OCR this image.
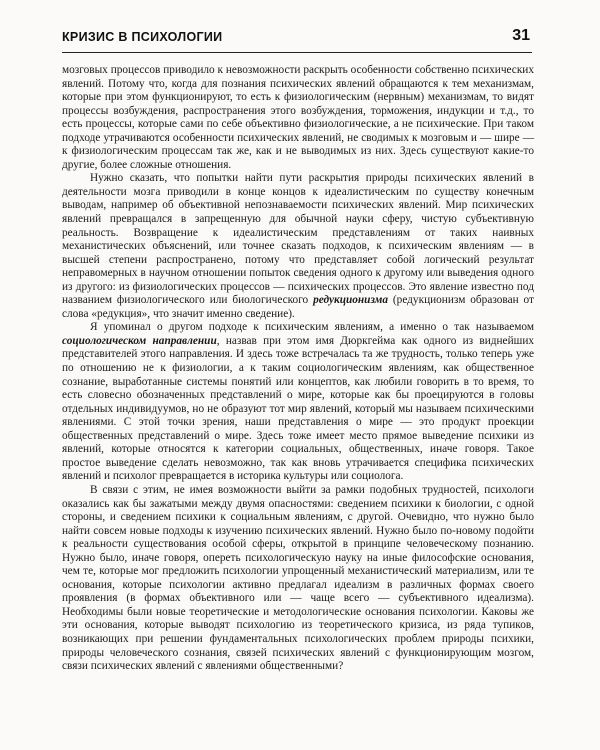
КРИЗИС В ПСИХОЛОГИИ	31

мозговых процессов приводило к невозможности раскрыть особенности собственно психических явлений. Потому что, когда для познания психических явлений обращаются к тем механизмам, которые при этом функционируют, то есть к физиологическим (нервным) механизмам, то видят процессы возбуждения, распространения этого возбуждения, торможения, индукции и т.д., то есть процессы, которые сами по себе объективно физиологические, а не психические. При таком подходе утрачиваются особенности психических явлений, не сводимых к мозговым и — шире — к физиологическим процессам так же, как и не выводимых из них. Здесь существуют какие-то другие, более сложные отношения.

Нужно сказать, что попытки найти пути раскрытия природы психических явлений в деятельности мозга приводили в конце концов к идеалистическим по существу конечным выводам, например об объективной непознаваемости психических явлений. Мир психических явлений превращался в запрещенную для обычной науки сферу, чистую субъективную реальность. Возвращение к идеалистическим представлениям от таких наивных механистических объяснений, или точнее сказать подходов, к психическим явлениям — в высшей степени распространено, потому что представляет собой логический результат неправомерных в научном отношении попыток сведения одного к другому или выведения одного из другого: из физиологических процессов — психических процессов. Это явление известно под названием физиологического или биологического редукционизма (редукционизм образован от слова «редукция», что значит именно сведение).

Я упоминал о другом подходе к психическим явлениям, а именно о так называемом социологическом направлении, назвав при этом имя Дюркгейма как одного из виднейших представителей этого направления. И здесь тоже встречалась та же трудность, только теперь уже по отношению не к физиологии, а к таким социологическим явлениям, как общественное сознание, выработанные системы понятий или концептов, как любили говорить в то время, то есть словесно обозначенных представлений о мире, которые как бы проецируются в головы отдельных индивидуумов, но не образуют тот мир явлений, который мы называем психическими явлениями. С этой точки зрения, наши представления о мире — это продукт проекции общественных представлений о мире. Здесь тоже имеет место прямое выведение психики из явлений, которые относятся к категории социальных, общественных, иначе говоря. Такое простое выведение сделать невозможно, так как вновь утрачивается специфика психических явлений и психолог превращается в историка культуры или социолога.

В связи с этим, не имея возможности выйти за рамки подобных трудностей, психологи оказались как бы зажатыми между двумя опасностями: сведением психики к биологии, с одной стороны, и сведением психики к социальным явлениям, с другой. Очевидно, что нужно было найти совсем новые подходы к изучению психических явлений. Нужно было по-новому подойти к реальности существования особой сферы, открытой в принципе человеческому познанию. Нужно было, иначе говоря, опереть психологическую науку на иные философские основания, чем те, которые мог предложить психологии упрощенный механистический материализм, или те основания, которые психологии активно предлагал идеализм в различных формах своего проявления (в формах объективного или — чаще всего — субъективного идеализма). Необходимы были новые теоретические и методологические основания психологии. Каковы же эти основания, которые выводят психологию из теоретического кризиса, из ряда тупиков, возникающих при решении фундаментальных психологических проблем природы психики, природы человеческого сознания, связей психических явлений с функционирующим мозгом, связи психических явлений с явлениями общественными?
